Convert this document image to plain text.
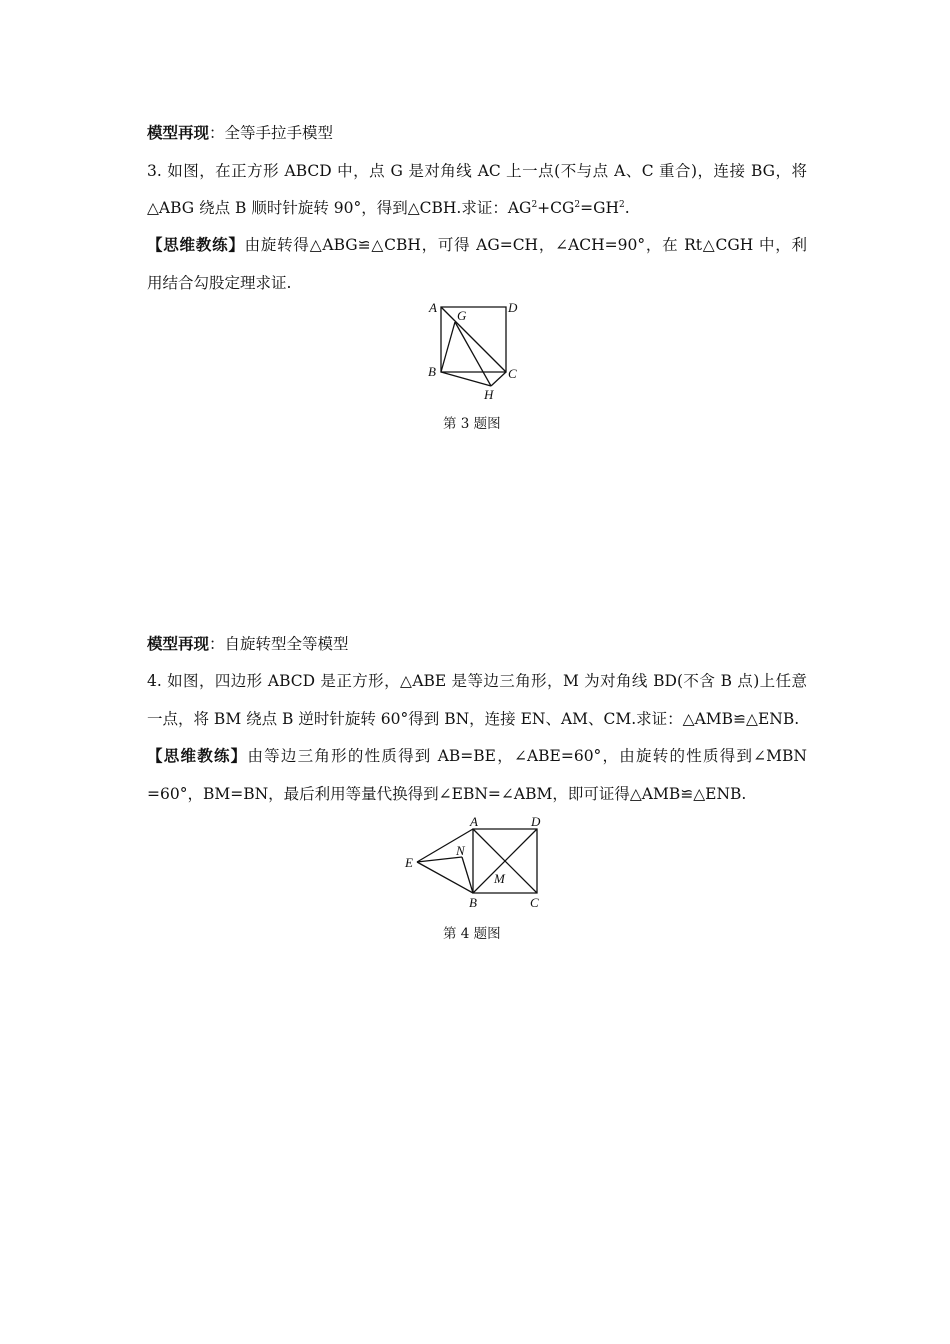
模型再现：全等手拉手模型
3. 如图，在正方形 ABCD 中，点 G 是对角线 AC 上一点(不与点 A、C 重合)，连接 BG，将
△ABG 绕点 B 顺时针旋转 90°，得到△CBH.求证：$AG^2+CG^2=GH^2$.
【思维教练】由旋转得△ABG≌△CBH，可得 AG=CH，∠ACH=90°，在 Rt△CGH 中，利
用结合勾股定理求证.
A	D
G
B	C
H
第 3 题图
模型再现：自旋转型全等模型
4. 如图，四边形 ABCD 是正方形，△ABE 是等边三角形，M 为对角线 BD(不含 B 点)上任意
一点，将 BM 绕点 B 逆时针旋转 60°得到 BN，连接 EN、AM、CM.求证：△AMB≌△ENB.
【思维教练】由等边三角形的性质得到 AB=BE，∠ABE=60°，由旋转的性质得到∠MBN
=60°，BM=BN，最后利用等量代换得到∠EBN=∠ABM，即可证得△AMB≌△ENB.
A	D
E
N
M
B	C
第 4 题图
